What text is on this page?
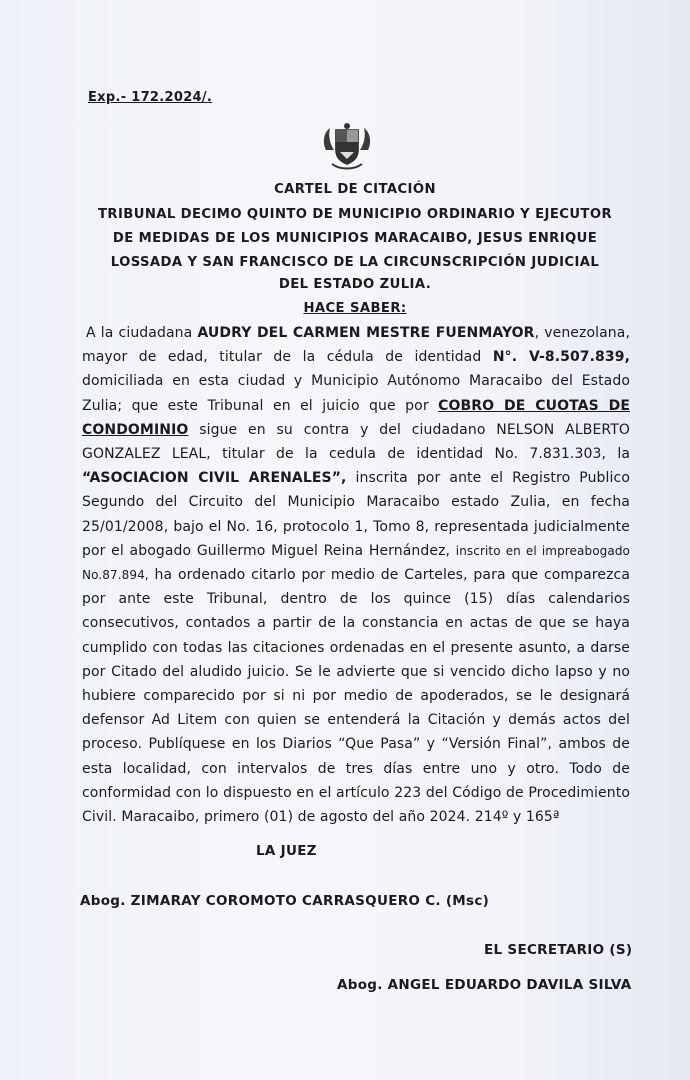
Exp.- 172.2024/.
CARTEL DE CITACIÓN
TRIBUNAL DECIMO QUINTO DE MUNICIPIO ORDINARIO Y EJECUTOR
DE MEDIDAS DE LOS MUNICIPIOS MARACAIBO, JESUS ENRIQUE
LOSSADA Y SAN FRANCISCO DE LA CIRCUNSCRIPCIÓN JUDICIAL
DEL ESTADO ZULIA.
HACE SABER:
A la ciudadana AUDRY DEL CARMEN MESTRE FUENMAYOR, venezolana, mayor de edad, titular de la cédula de identidad N°. V-8.507.839, domiciliada en esta ciudad y Municipio Autónomo Maracaibo del Estado Zulia; que este Tribunal en el juicio que por COBRO DE CUOTAS DE CONDOMINIO sigue en su contra y del ciudadano NELSON ALBERTO GONZALEZ LEAL, titular de la cedula de identidad No. 7.831.303, la “ASOCIACION CIVIL ARENALES”, inscrita por ante el Registro Publico Segundo del Circuito del Municipio Maracaibo estado Zulia, en fecha 25/01/2008, bajo el No. 16, protocolo 1, Tomo 8, representada judicialmente por el abogado Guillermo Miguel Reina Hernández, inscrito en el impreabogado No.87.894, ha ordenado citarlo por medio de Carteles, para que comparezca por ante este Tribunal, dentro de los quince (15) días calendarios consecutivos, contados a partir de la constancia en actas de que se haya cumplido con todas las citaciones ordenadas en el presente asunto, a darse por Citado del aludido juicio. Se le advierte que si vencido dicho lapso y no hubiere comparecido por si ni por medio de apoderados, se le designará defensor Ad Litem con quien se entenderá la Citación y demás actos del proceso. Publíquese en los Diarios “Que Pasa” y “Versión Final”, ambos de esta localidad, con intervalos de tres días entre uno y otro. Todo de conformidad con lo dispuesto en el artículo 223 del Código de Procedimiento Civil. Maracaibo, primero (01) de agosto del año 2024. 214º y 165ª
LA JUEZ
Abog. ZIMARAY COROMOTO CARRASQUERO C. (Msc)
EL SECRETARIO (S)
Abog. ANGEL EDUARDO DAVILA SILVA
